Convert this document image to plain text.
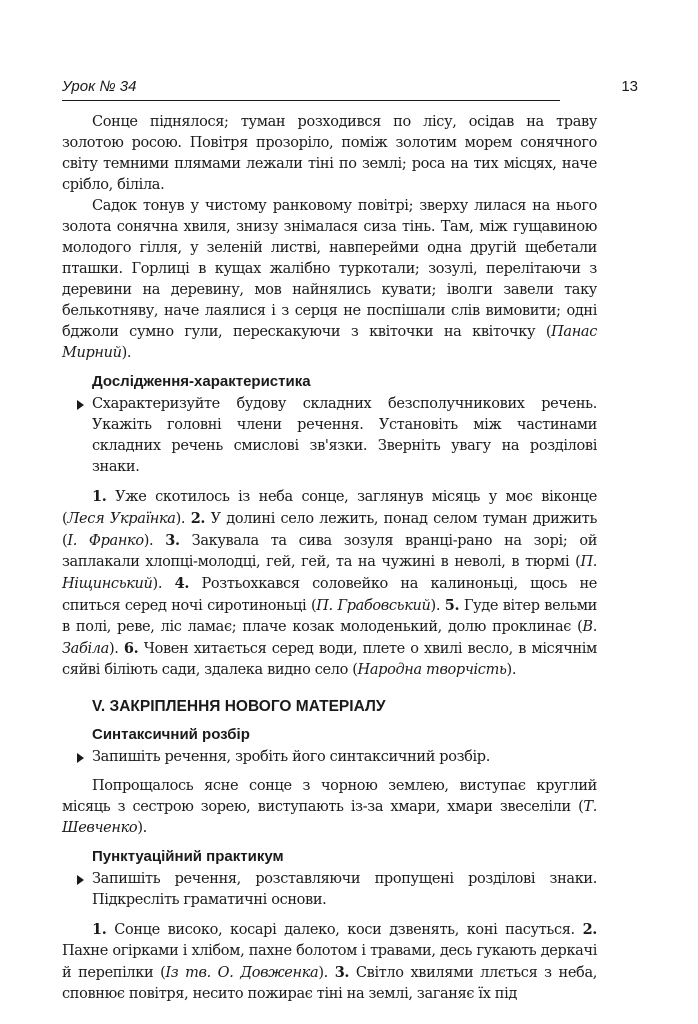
Урок № 34	13

Сонце піднялося; туман розходився по лісу, осідав на траву золотою росою. Повітря прозоріло, поміж золотим морем сонячного світу темними плямами лежали тіні по землі; роса на тих місцях, наче срібло, біліла.

Садок тонув у чистому ранковому повітрі; зверху лилася на нього золота сонячна хвиля, знизу знімалася сиза тінь. Там, між гущавиною молодого гілля, у зеленій листві, навперейми одна другій щебетали пташки. Горлиці в кущах жалібно туркотали; зозулі, перелітаючи з деревини на деревину, мов найнялись кувати; іволги завели таку белькотняву, наче лаялися і з серця не поспішали слів вимовити; одні бджоли сумно гули, перескакуючи з квіточки на квіточку (Панас Мирний).

Дослідження-характеристика
Схарактеризуйте будову складних безсполучникових речень. Укажіть головні члени речення. Установіть між частинами складних речень смислові зв'язки. Зверніть увагу на розділові знаки.

1. Уже скотилось із неба сонце, заглянув місяць у моє віконце (Леся Українка). 2. У долині село лежить, понад селом туман дрижить (І. Франко). 3. Закувала та сива зозуля вранці-рано на зорі; ой заплакали хлопці-молодці, гей, гей, та на чужині в неволі, в тюрмі (П. Ніщинський). 4. Розтьохкався соловейко на калиноньці, щось не спиться серед ночі сиротиноньці (П. Грабовський). 5. Гуде вітер вельми в полі, реве, ліс ламає; плаче козак молоденький, долю проклинає (В. Забіла). 6. Човен хитається серед води, плете о хвилі весло, в місячнім сяйві біліють сади, здалека видно село (Народна творчість).

V. ЗАКРІПЛЕННЯ НОВОГО МАТЕРІАЛУ
Синтаксичний розбір
Запишіть речення, зробіть його синтаксичний розбір.

Попрощалось ясне сонце з чорною землею, виступає круглий місяць з сестрою зорею, виступають із-за хмари, хмари звеселіли (Т. Шевченко).

Пунктуаційний практикум
Запишіть речення, розставляючи пропущені розділові знаки. Підкресліть граматичні основи.

1. Сонце високо, косарі далеко, коси дзвенять, коні пасуться. 2. Пахне огірками і хлібом, пахне болотом і травами, десь гукають деркачі й перепілки (Із тв. О. Довженка). 3. Світло хвилями ллється з неба, сповнює повітря, несито пожирає тіні на землі, заганяє їх під
